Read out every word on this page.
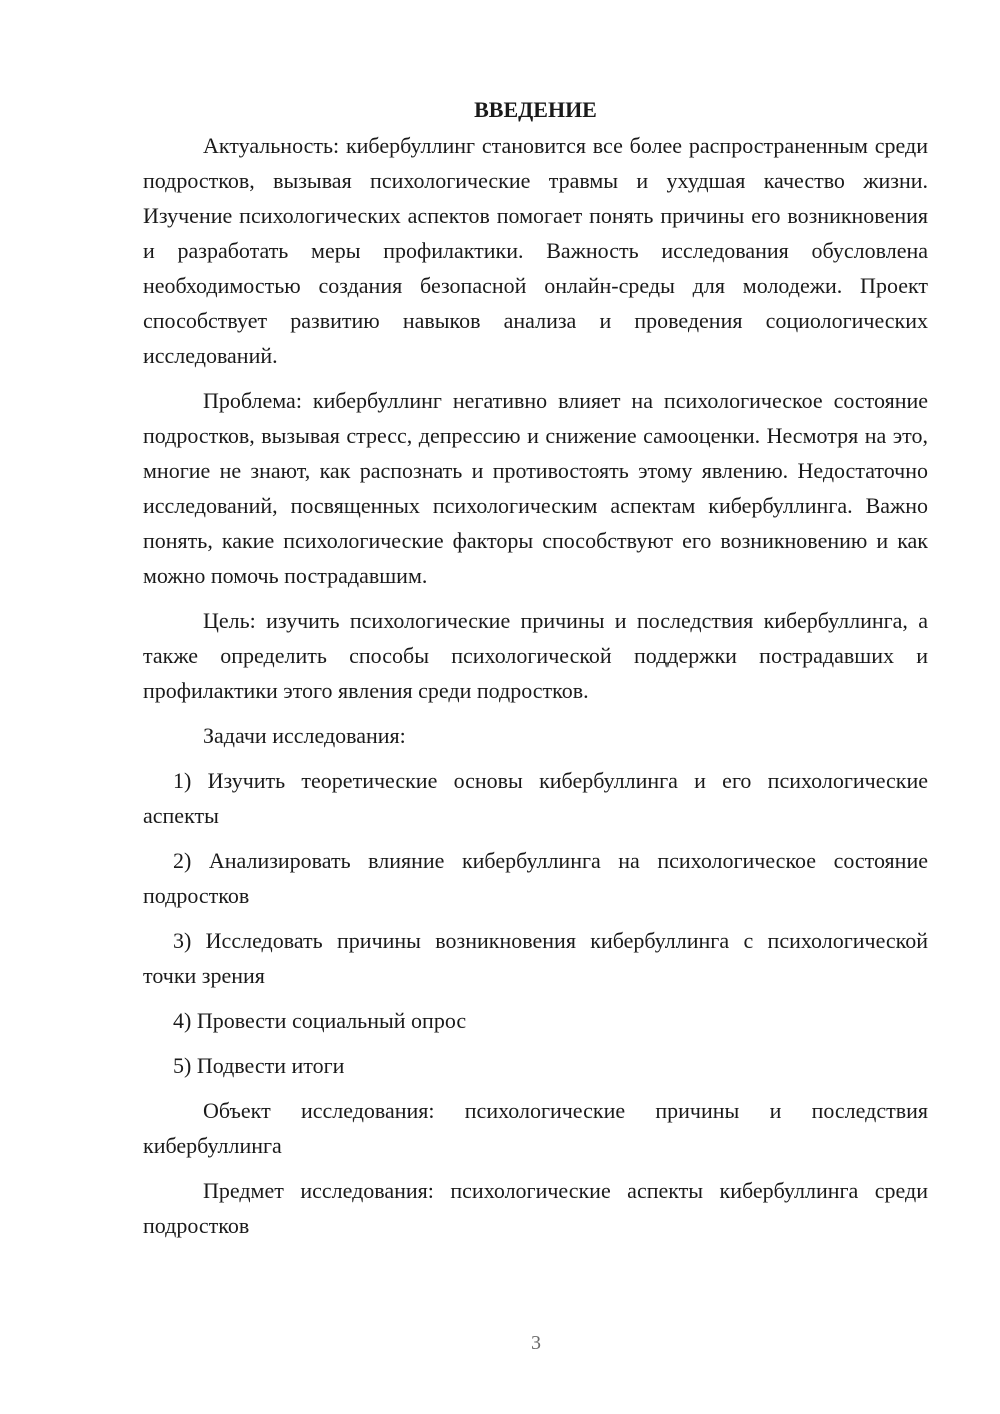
ВВЕДЕНИЕ

Актуальность: кибербуллинг становится все более распространенным среди подростков, вызывая психологические травмы и ухудшая качество жизни. Изучение психологических аспектов помогает понять причины его возникновения и разработать меры профилактики. Важность исследования обусловлена необходимостью создания безопасной онлайн-среды для молодежи. Проект способствует развитию навыков анализа и проведения социологических исследований.

Проблема: кибербуллинг негативно влияет на психологическое состояние подростков, вызывая стресс, депрессию и снижение самооценки. Несмотря на это, многие не знают, как распознать и противостоять этому явлению. Недостаточно исследований, посвященных психологическим аспектам кибербуллинга. Важно понять, какие психологические факторы способствуют его возникновению и как можно помочь пострадавшим.

Цель: изучить психологические причины и последствия кибербуллинга, а также определить способы психологической поддержки пострадавших и профилактики этого явления среди подростков.

Задачи исследования:

1) Изучить теоретические основы кибербуллинга и его психологические аспекты

2) Анализировать влияние кибербуллинга на психологическое состояние подростков

3) Исследовать причины возникновения кибербуллинга с психологической точки зрения

4) Провести социальный опрос

5) Подвести итоги

Объект исследования: психологические причины и последствия кибербуллинга

Предмет исследования: психологические аспекты кибербуллинга среди подростков

3
